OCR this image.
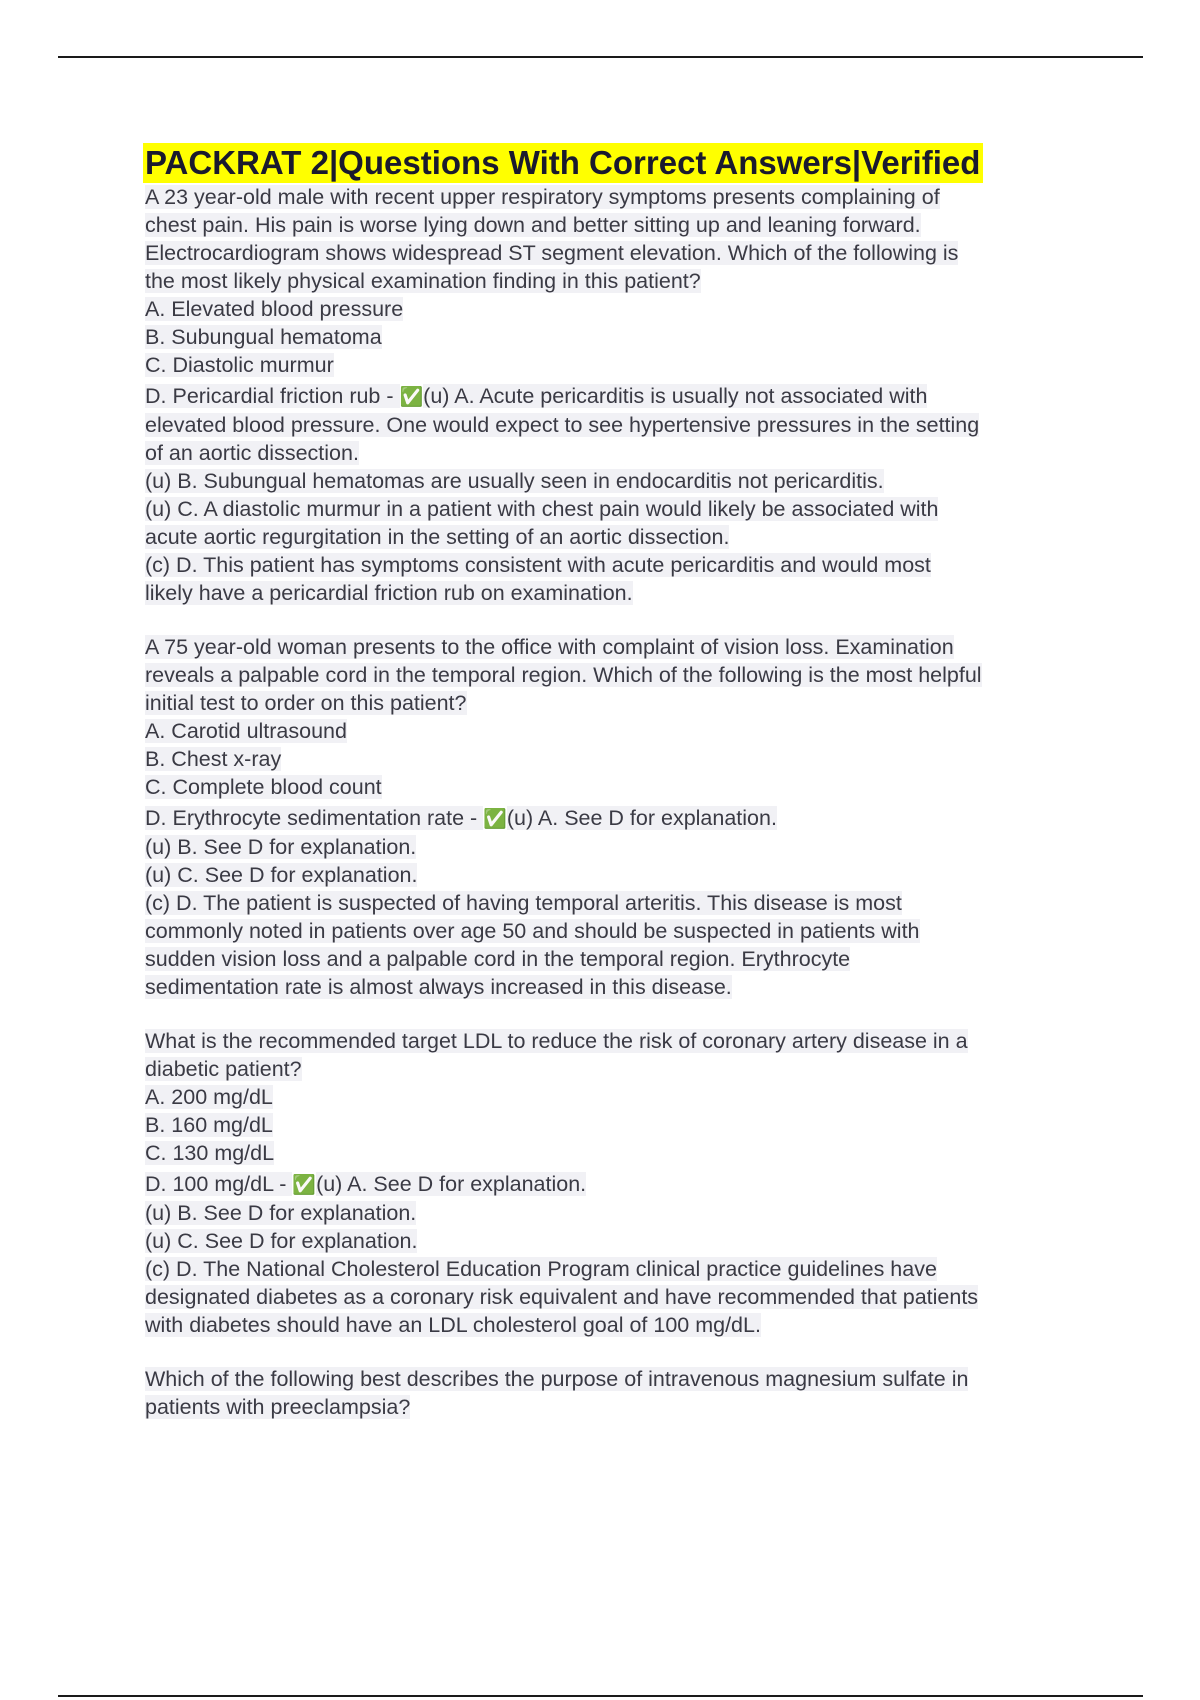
PACKRAT 2|Questions With Correct Answers|Verified
A 23 year-old male with recent upper respiratory symptoms presents complaining of
chest pain. His pain is worse lying down and better sitting up and leaning forward.
Electrocardiogram shows widespread ST segment elevation. Which of the following is
the most likely physical examination finding in this patient?
A. Elevated blood pressure
B. Subungual hematoma
C. Diastolic murmur
D. Pericardial friction rub - ✅(u) A. Acute pericarditis is usually not associated with
elevated blood pressure. One would expect to see hypertensive pressures in the setting
of an aortic dissection.
(u) B. Subungual hematomas are usually seen in endocarditis not pericarditis.
(u) C. A diastolic murmur in a patient with chest pain would likely be associated with
acute aortic regurgitation in the setting of an aortic dissection.
(c) D. This patient has symptoms consistent with acute pericarditis and would most
likely have a pericardial friction rub on examination.
A 75 year-old woman presents to the office with complaint of vision loss. Examination
reveals a palpable cord in the temporal region. Which of the following is the most helpful
initial test to order on this patient?
A. Carotid ultrasound
B. Chest x-ray
C. Complete blood count
D. Erythrocyte sedimentation rate - ✅(u) A. See D for explanation.
(u) B. See D for explanation.
(u) C. See D for explanation.
(c) D. The patient is suspected of having temporal arteritis. This disease is most
commonly noted in patients over age 50 and should be suspected in patients with
sudden vision loss and a palpable cord in the temporal region. Erythrocyte
sedimentation rate is almost always increased in this disease.
What is the recommended target LDL to reduce the risk of coronary artery disease in a
diabetic patient?
A. 200 mg/dL
B. 160 mg/dL
C. 130 mg/dL
D. 100 mg/dL - ✅(u) A. See D for explanation.
(u) B. See D for explanation.
(u) C. See D for explanation.
(c) D. The National Cholesterol Education Program clinical practice guidelines have
designated diabetes as a coronary risk equivalent and have recommended that patients
with diabetes should have an LDL cholesterol goal of 100 mg/dL.
Which of the following best describes the purpose of intravenous magnesium sulfate in
patients with preeclampsia?
